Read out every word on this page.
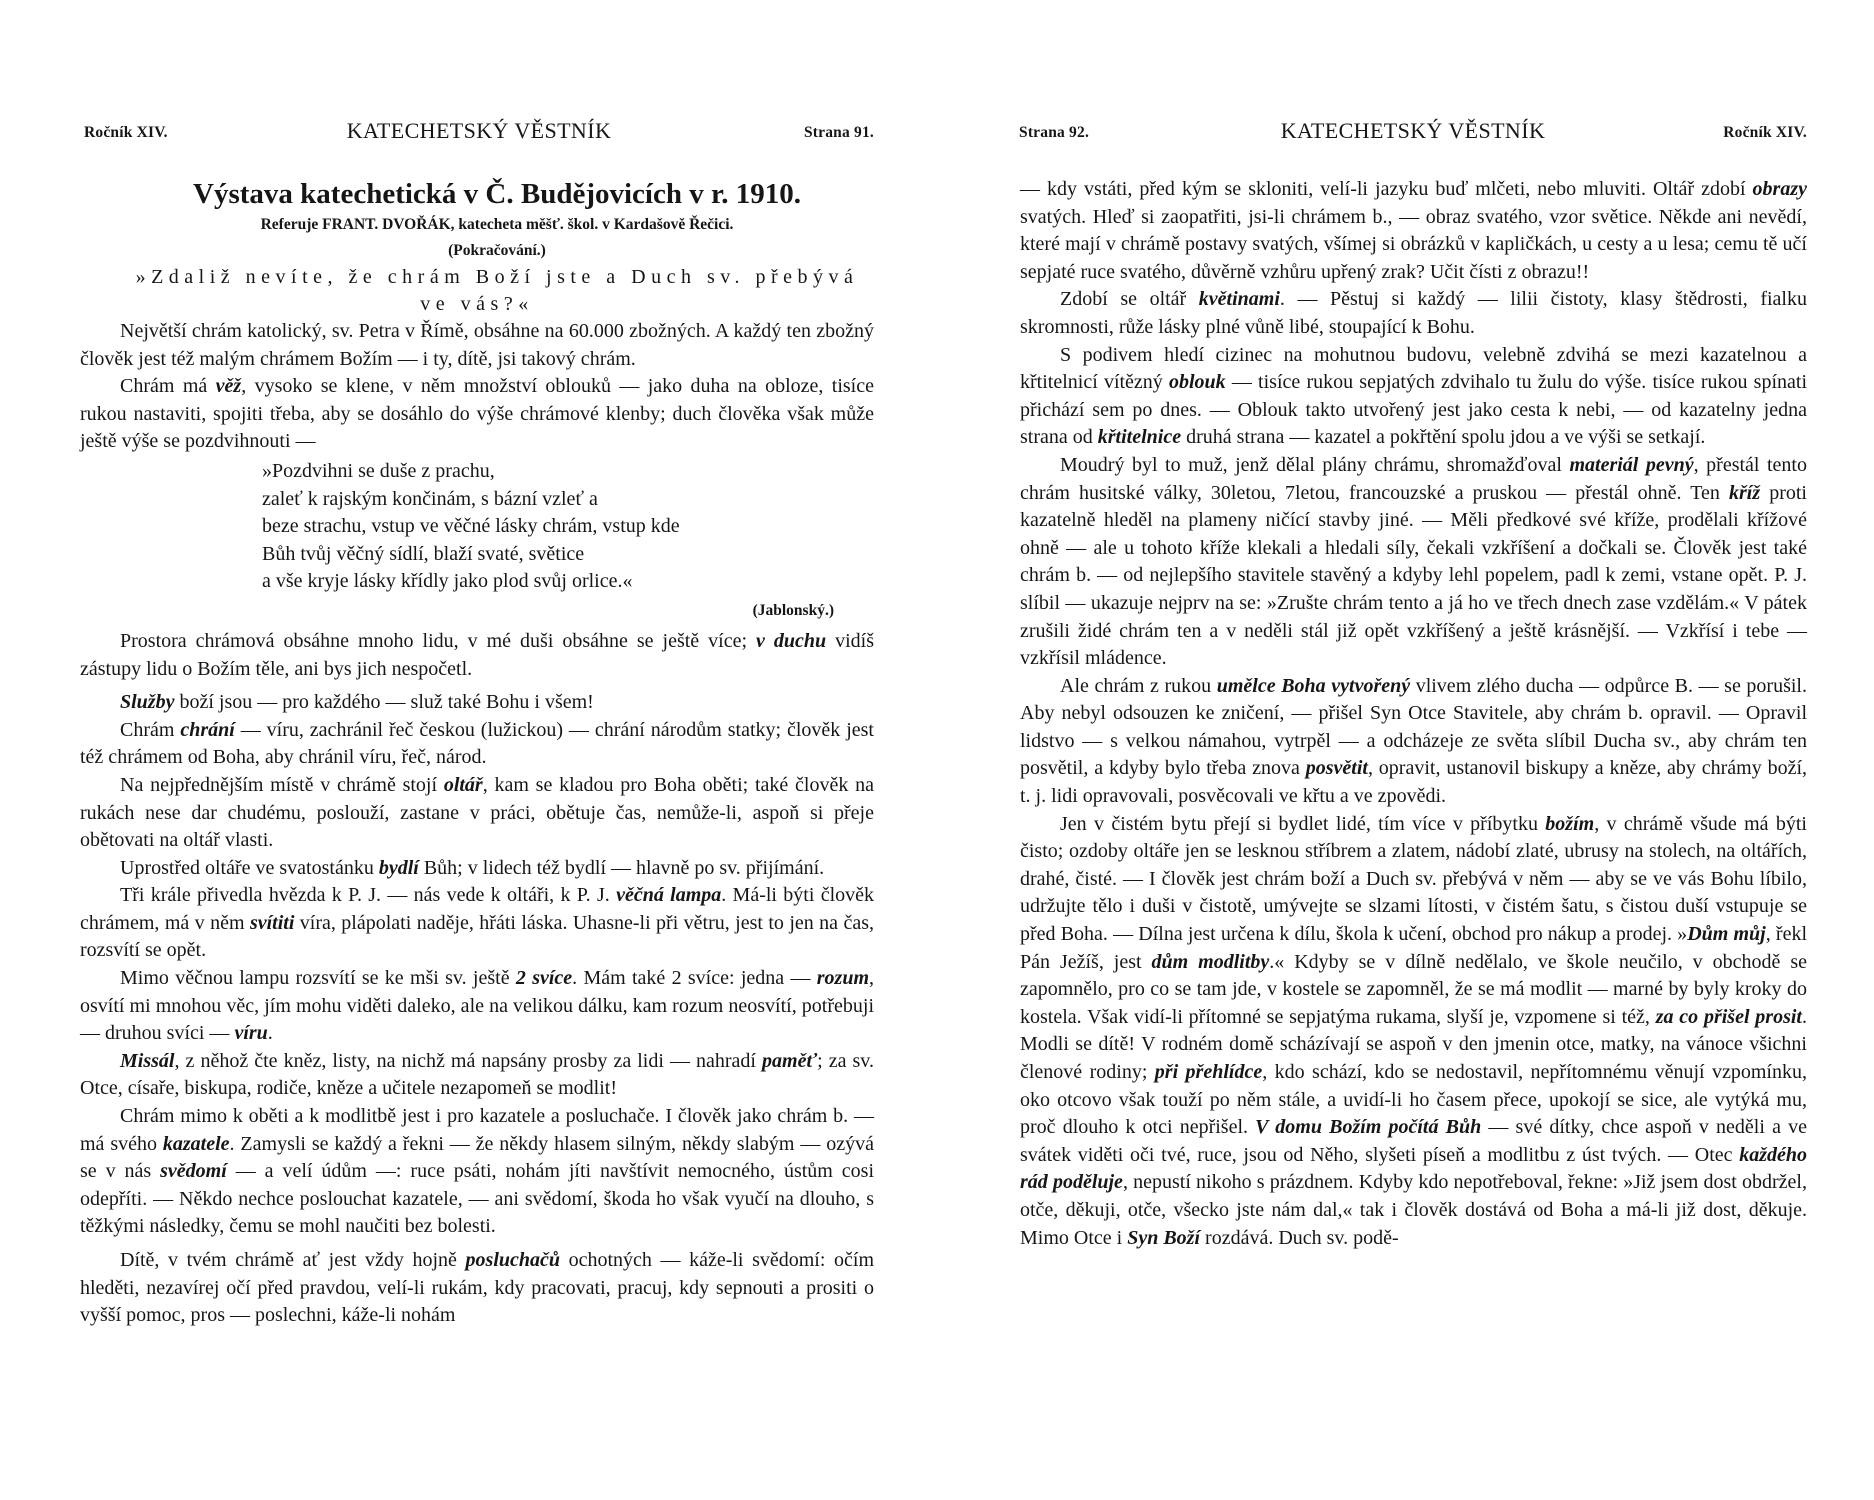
Ročník XIV.	KATECHETSKÝ VĚSTNÍK	Strana 91.

Výstava katechetická v Č. Budějovicích v r. 1910.

Referuje FRANT. DVOŘÁK, katecheta měšť. škol. v Kardašově Řečici.

(Pokračování.)

»Zdaliž nevíte, že chrám Boží jste a Duch sv. přebývá ve vás?«

Největší chrám katolický, sv. Petra v Římě, obsáhne na 60.000 zbožných. A každý ten zbožný člověk jest též malým chrámem Božím — i ty, dítě, jsi takový chrám.

Chrám má věž, vysoko se klene, v něm množství oblouků — jako duha na obloze, tisíce rukou nastaviti, spojiti třeba, aby se dosáhlo do výše chrámové klenby; duch člověka však může ještě výše se pozdvihnouti —

»Pozdvihni se duše z prachu,
zaleť k rajským končinám, s bázní vzleť a
beze strachu, vstup ve věčné lásky chrám, vstup kde
Bůh tvůj věčný sídlí, blaží svaté, světice
a vše kryje lásky křídly jako plod svůj orlice.«
(Jablonský.)

Prostora chrámová obsáhne mnoho lidu, v mé duši obsáhne se ještě více; v duchu vidíš zástupy lidu o Božím těle, ani bys jich nespočetl.

Služby boží jsou — pro každého — služ také Bohu i všem!

Chrám chrání — víru, zachránil řeč českou (lužickou) — chrání národům statky; člověk jest též chrámem od Boha, aby chránil víru, řeč, národ.

Na nejpřednějším místě v chrámě stojí oltář, kam se kladou pro Boha oběti; také člověk na rukách nese dar chudému, poslouží, zastane v práci, obětuje čas, nemůže-li, aspoň si přeje obětovati na oltář vlasti.

Uprostřed oltáře ve svatostánku bydlí Bůh; v lidech též bydlí — hlavně po sv. přijímání.

Tři krále přivedla hvězda k P. J. — nás vede k oltáři, k P. J. věčná lampa. Má-li býti člověk chrámem, má v něm svítiti víra, plápolati naděje, hřáti láska. Uhasne-li při větru, jest to jen na čas, rozsvítí se opět.

Mimo věčnou lampu rozsvítí se ke mši sv. ještě 2 svíce. Mám také 2 svíce: jedna — rozum, osvítí mi mnohou věc, jím mohu viděti daleko, ale na velikou dálku, kam rozum neosvítí, potřebuji — druhou svíci — víru.

Missál, z něhož čte kněz, listy, na nichž má napsány prosby za lidi — nahradí paměť; za sv. Otce, císaře, biskupa, rodiče, kněze a učitele nezapomeň se modlit!

Chrám mimo k oběti a k modlitbě jest i pro kazatele a posluchače. I člověk jako chrám b. — má svého kazatele. Zamysli se každý a řekni — že někdy hlasem silným, někdy slabým — ozývá se v nás svědomí — a velí údům —: ruce psáti, nohám jíti navštívit nemocného, ústům cosi odepříti. — Někdo nechce poslouchat kazatele, — ani svědomí, škoda ho však vyučí na dlouho, s těžkými následky, čemu se mohl naučiti bez bolesti.

Dítě, v tvém chrámě ať jest vždy hojně posluchačů ochotných — káže-li svědomí: očím hleděti, nezavírej očí před pravdou, velí-li rukám, kdy pracovati, pracuj, kdy sepnouti a prositi o vyšší pomoc, pros — poslechni, káže-li nohám

Strana 92.	KATECHETSKÝ VĚSTNÍK	Ročník XIV.

— kdy vstáti, před kým se skloniti, velí-li jazyku buď mlčeti, nebo mluviti. Oltář zdobí obrazy svatých. Hleď si zaopatřiti, jsi-li chrámem b., — obraz svatého, vzor světice. Někde ani nevědí, které mají v chrámě postavy svatých, všímej si obrázků v kapličkách, u cesty a u lesa; cemu tě učí sepjaté ruce svatého, důvěrně vzhůru upřený zrak? Učit čísti z obrazu!!

Zdobí se oltář květinami. — Pěstuj si každý — lilii čistoty, klasy štědrosti, fialku skromnosti, růže lásky plné vůně libé, stoupající k Bohu.

S podivem hledí cizinec na mohutnou budovu, velebně zdvihá se mezi kazatelnou a křtitelnicí vítězný oblouk — tisíce rukou sepjatých zdvihalo tu žulu do výše. tisíce rukou spínati přichází sem po dnes. — Oblouk takto utvořený jest jako cesta k nebi, — od kazatelny jedna strana od křtitelnice druhá strana — kazatel a pokřtění spolu jdou a ve výši se setkají.

Moudrý byl to muž, jenž dělal plány chrámu, shromažďoval materiál pevný, přestál tento chrám husitské války, 30letou, 7letou, francouzské a pruskou — přestál ohně. Ten kříž proti kazatelně hleděl na plameny ničící stavby jiné. — Měli předkové své kříže, prodělali křížové ohně — ale u tohoto kříže klekali a hledali síly, čekali vzkříšení a dočkali se. Člověk jest také chrám b. — od nejlepšího stavitele stavěný a kdyby lehl popelem, padl k zemi, vstane opět. P. J. slíbil — ukazuje nejprv na se: »Zrušte chrám tento a já ho ve třech dnech zase vzdělám.« V pátek zrušili židé chrám ten a v neděli stál již opět vzkříšený a ještě krásnější. — Vzkřísí i tebe — vzkřísil mládence.

Ale chrám z rukou umělce Boha vytvořený vlivem zlého ducha — odpůrce B. — se porušil. Aby nebyl odsouzen ke zničení, — přišel Syn Otce Stavitele, aby chrám b. opravil. — Opravil lidstvo — s velkou námahou, vytrpěl — a odcházeje ze světa slíbil Ducha sv., aby chrám ten posvětil, a kdyby bylo třeba znova posvětit, opravit, ustanovil biskupy a kněze, aby chrámy boží, t. j. lidi opravovali, posvěcovali ve křtu a ve zpovědi.

Jen v čistém bytu přejí si bydlet lidé, tím více v příbytku božím, v chrámě všude má býti čisto; ozdoby oltáře jen se lesknou stříbrem a zlatem, nádobí zlaté, ubrusy na stolech, na oltářích, drahé, čisté. — I člověk jest chrám boží a Duch sv. přebývá v něm — aby se ve vás Bohu líbilo, udržujte tělo i duši v čistotě, umývejte se slzami lítosti, v čistém šatu, s čistou duší vstupuje se před Boha. — Dílna jest určena k dílu, škola k učení, obchod pro nákup a prodej. »Dům můj, řekl Pán Ježíš, jest dům modlitby.« Kdyby se v dílně nedělalo, ve škole neučilo, v obchodě se zapomnělo, pro co se tam jde, v kostele se zapomněl, že se má modlit — marné by byly kroky do kostela. Však vidí-li přítomné se sepjatýma rukama, slyší je, vzpomene si též, za co přišel prosit. Modli se dítě! V rodném domě scházívají se aspoň v den jmenin otce, matky, na vánoce všichni členové rodiny; při přehlídce, kdo schází, kdo se nedostavil, nepřítomnému věnují vzpomínku, oko otcovo však touží po něm stále, a uvidí-li ho časem přece, upokojí se sice, ale vytýká mu, proč dlouho k otci nepřišel. V domu Božím počítá Bůh — své dítky, chce aspoň v neděli a ve svátek viděti oči tvé, ruce, jsou od Něho, slyšeti píseň a modlitbu z úst tvých. — Otec každého rád poděluje, nepustí nikoho s prázdnem. Kdyby kdo nepotřeboval, řekne: »Již jsem dost obdržel, otče, děkuji, otče, všecko jste nám dal,« tak i člověk dostává od Boha a má-li již dost, děkuje. Mimo Otce i Syn Boží rozdává. Duch sv. podě-
